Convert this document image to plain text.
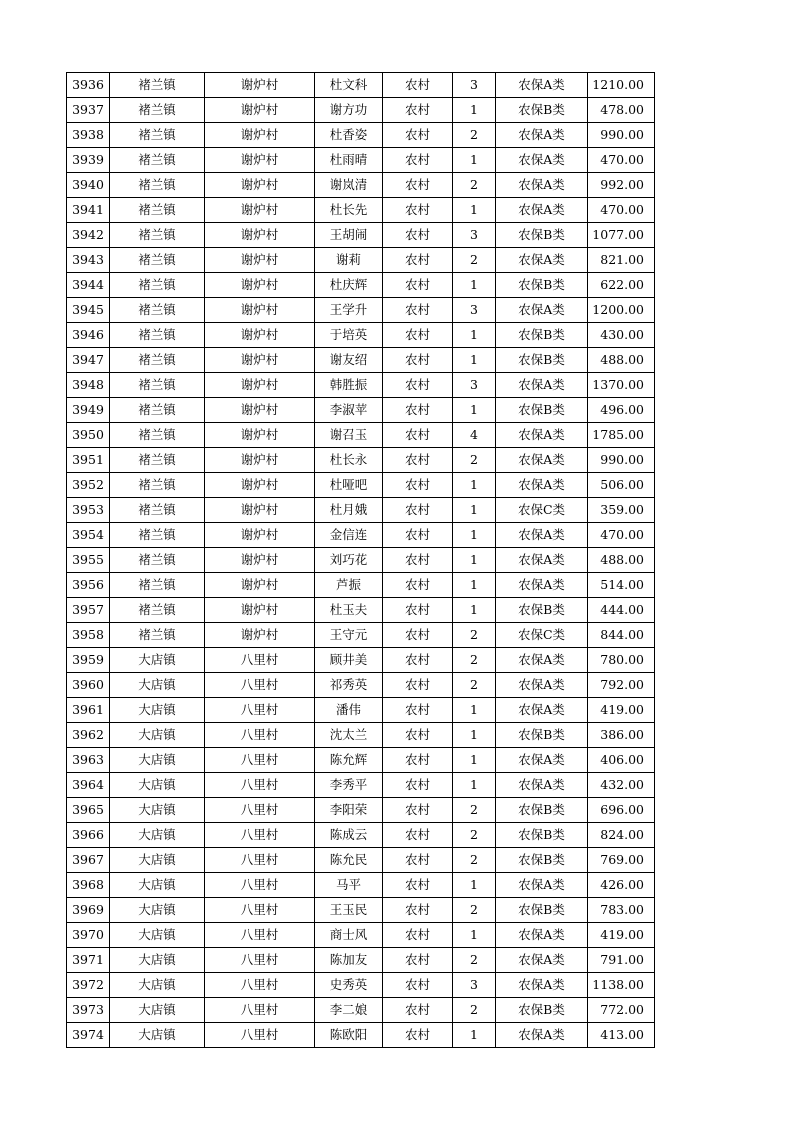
3936	褚兰镇	谢炉村	杜文科	农村	3	农保A类	1210.00
3937	褚兰镇	谢炉村	谢方功	农村	1	农保B类	478.00
3938	褚兰镇	谢炉村	杜香姿	农村	2	农保A类	990.00
3939	褚兰镇	谢炉村	杜雨晴	农村	1	农保A类	470.00
3940	褚兰镇	谢炉村	谢岚清	农村	2	农保A类	992.00
3941	褚兰镇	谢炉村	杜长先	农村	1	农保A类	470.00
3942	褚兰镇	谢炉村	王胡闹	农村	3	农保B类	1077.00
3943	褚兰镇	谢炉村	谢莉	农村	2	农保A类	821.00
3944	褚兰镇	谢炉村	杜庆辉	农村	1	农保B类	622.00
3945	褚兰镇	谢炉村	王学升	农村	3	农保A类	1200.00
3946	褚兰镇	谢炉村	于培英	农村	1	农保B类	430.00
3947	褚兰镇	谢炉村	谢友绍	农村	1	农保B类	488.00
3948	褚兰镇	谢炉村	韩胜振	农村	3	农保A类	1370.00
3949	褚兰镇	谢炉村	李淑苹	农村	1	农保B类	496.00
3950	褚兰镇	谢炉村	谢召玉	农村	4	农保A类	1785.00
3951	褚兰镇	谢炉村	杜长永	农村	2	农保A类	990.00
3952	褚兰镇	谢炉村	杜哑吧	农村	1	农保A类	506.00
3953	褚兰镇	谢炉村	杜月娥	农村	1	农保C类	359.00
3954	褚兰镇	谢炉村	金信连	农村	1	农保A类	470.00
3955	褚兰镇	谢炉村	刘巧花	农村	1	农保A类	488.00
3956	褚兰镇	谢炉村	芦振	农村	1	农保A类	514.00
3957	褚兰镇	谢炉村	杜玉夫	农村	1	农保B类	444.00
3958	褚兰镇	谢炉村	王守元	农村	2	农保C类	844.00
3959	大店镇	八里村	顾井美	农村	2	农保A类	780.00
3960	大店镇	八里村	祁秀英	农村	2	农保A类	792.00
3961	大店镇	八里村	潘伟	农村	1	农保A类	419.00
3962	大店镇	八里村	沈太兰	农村	1	农保B类	386.00
3963	大店镇	八里村	陈允辉	农村	1	农保A类	406.00
3964	大店镇	八里村	李秀平	农村	1	农保A类	432.00
3965	大店镇	八里村	李阳荣	农村	2	农保B类	696.00
3966	大店镇	八里村	陈成云	农村	2	农保B类	824.00
3967	大店镇	八里村	陈允民	农村	2	农保B类	769.00
3968	大店镇	八里村	马平	农村	1	农保A类	426.00
3969	大店镇	八里村	王玉民	农村	2	农保B类	783.00
3970	大店镇	八里村	商士风	农村	1	农保A类	419.00
3971	大店镇	八里村	陈加友	农村	2	农保A类	791.00
3972	大店镇	八里村	史秀英	农村	3	农保A类	1138.00
3973	大店镇	八里村	李二娘	农村	2	农保B类	772.00
3974	大店镇	八里村	陈欧阳	农村	1	农保A类	413.00
